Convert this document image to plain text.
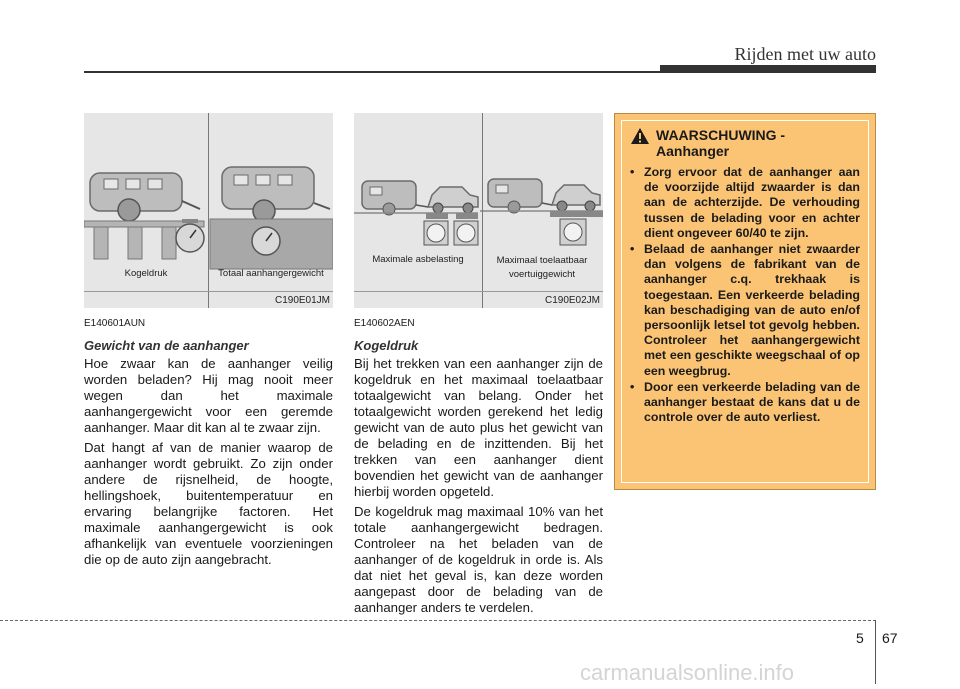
Rijden met uw auto
Kogeldruk	Totaal aanhangergewicht
C190E01JM
Maximale asbelasting	Maximaal toelaatbaar voertuiggewicht
C190E02JM
E140601AUN
Gewicht van de aanhanger

Hoe zwaar kan de aanhanger veilig worden beladen? Hij mag nooit meer wegen dan het maximale aanhangergewicht voor een geremde aanhanger. Maar dit kan al te zwaar zijn.

Dat hangt af van de manier waarop de aanhanger wordt gebruikt. Zo zijn onder andere de rijsnelheid, de hoogte, hellingshoek, buitentemperatuur en ervaring belangrijke factoren. Het maximale aanhangergewicht is ook afhankelijk van eventuele voorzieningen die op de auto zijn aangebracht.

E140602AEN
Kogeldruk

Bij het trekken van een aanhanger zijn de kogeldruk en het maximaal toelaatbaar totaalgewicht van belang. Onder het totaalgewicht worden gerekend het ledig gewicht van de auto plus het gewicht van de belading en de inzittenden. Bij het trekken van een aanhanger dient bovendien het gewicht van de aanhanger hierbij worden opgeteld.

De kogeldruk mag maximaal 10% van het totale aanhangergewicht bedragen. Controleer na het beladen van de aanhanger of de kogeldruk in orde is. Als dat niet het geval is, kan deze worden aangepast door de belading van de aanhanger anders te verdelen.

WAARSCHUWING -
Aanhanger
• Zorg ervoor dat de aanhanger aan de voorzijde altijd zwaarder is dan aan de achterzijde. De verhouding tussen de belading voor en achter dient ongeveer 60/40 te zijn.
• Belaad de aanhanger niet zwaarder dan volgens de fabrikant van de aanhanger c.q. trekhaak is toegestaan. Een verkeerde belading kan beschadiging van de auto en/of persoonlijk letsel tot gevolg hebben. Controleer het aanhangergewicht met een geschikte weegschaal of op een weegbrug.
• Door een verkeerde belading van de aanhanger bestaat de kans dat u de controle over de auto verliest.
5 67
carmanualsonline.info
